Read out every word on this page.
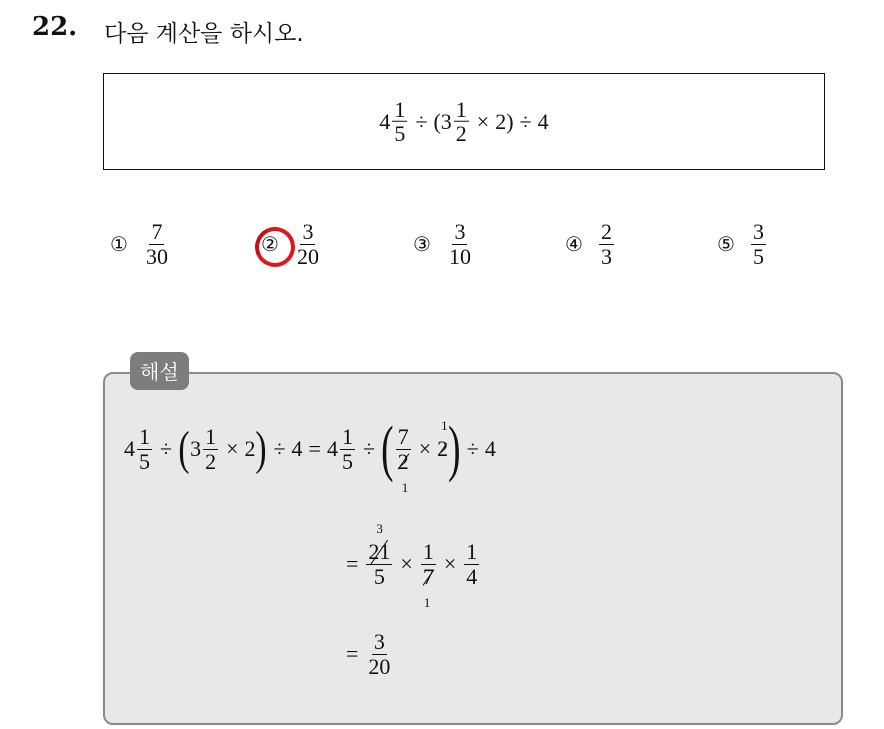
22. 다음 계산을 하시오.
$4 \frac{1}{5}$ ÷ ( $3 \frac{1}{2} \times 2$ ) ÷ 4
① $\frac{7}{30}$	② $\frac{3}{20}$	③ $\frac{3}{10}$	④ $\frac{2}{3}$	⑤ $\frac{3}{5}$
해설
$4 \frac{1}{5}$ ÷ ( $3 \frac{1}{2} \times 2$ ) ÷ $4 = 4 \frac{1}{5}$ ÷ ( 7
2
1
× 2
1 ) ÷ 4
=
3
21
5 × 1
7
1
× $\frac{1}{4}$
= $\frac{3}{20}$
